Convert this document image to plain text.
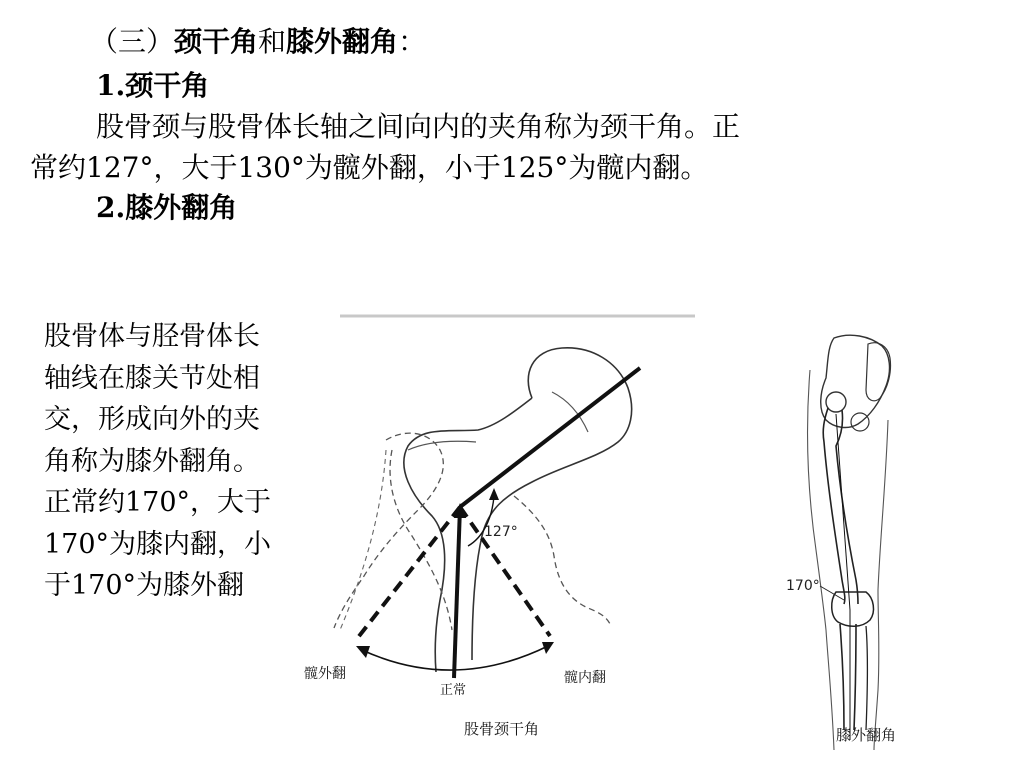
（三）颈干角和膝外翻角：
1.颈干角
股骨颈与股骨体长轴之间向内的夹角称为颈干角。正
常约127°，大于130°为髋外翻，小于125°为髋内翻。
2.膝外翻角
股骨体与胫骨体长
轴线在膝关节处相
交，形成向外的夹
角称为膝外翻角。
正常约170°，大于
170°为膝内翻，小
于170°为膝外翻
127°
髋外翻
正常
髋内翻
股骨颈干角
170°
膝外翻角
